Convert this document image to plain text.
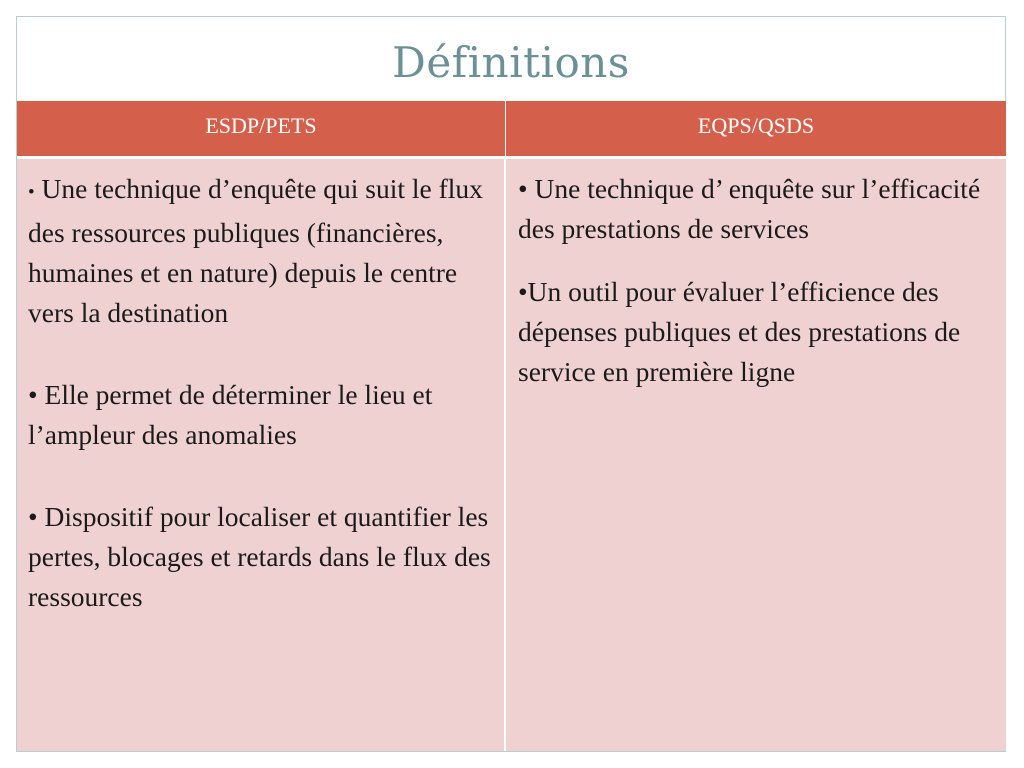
Définitions
ESDP/PETS	EQPS/QSDS

• Une technique d’enquête qui suit le flux des ressources publiques (financières, humaines et en nature) depuis le centre vers la destination

• Elle permet de déterminer le lieu et l’ampleur des anomalies

• Dispositif pour localiser et quantifier les pertes, blocages et retards dans le flux des ressources

• Une technique d’ enquête sur l’efficacité des prestations de services

•Un outil pour évaluer l’efficience des dépenses publiques et des prestations de service en première ligne
